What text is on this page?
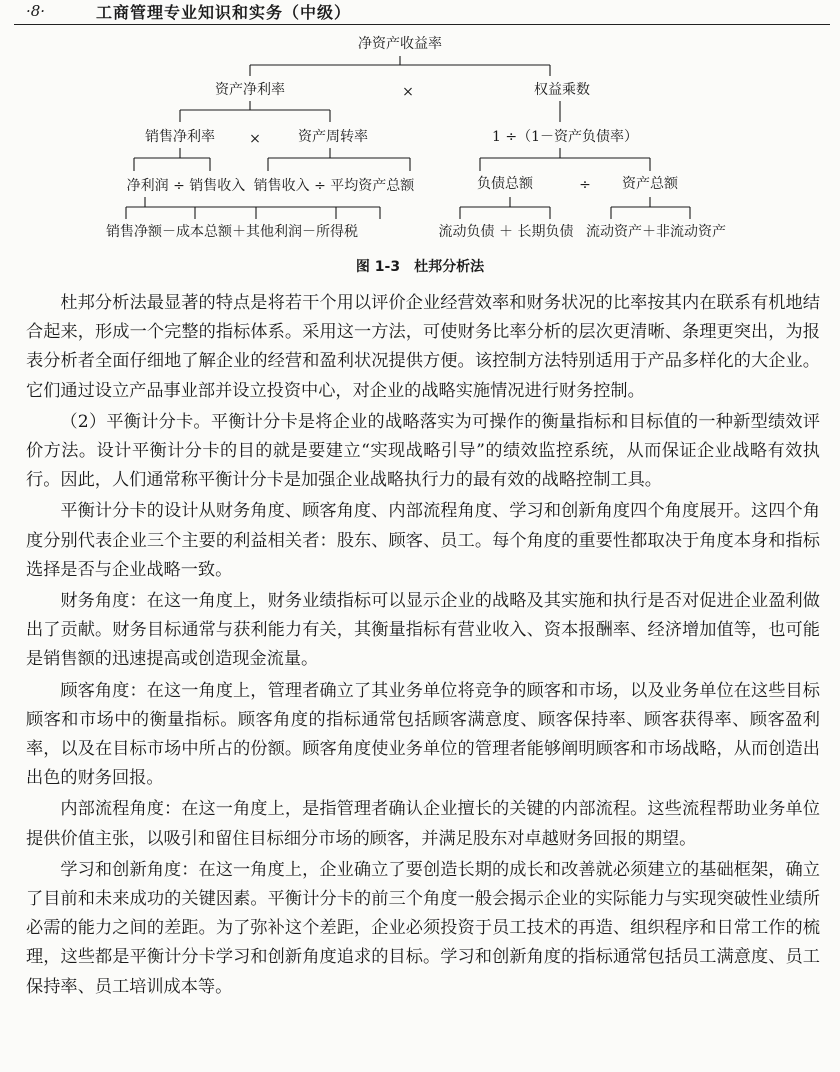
·8·	工商管理专业知识和实务（中级）
净资产收益率
资产净利率	×	权益乘数
销售净利率 ×	资产周转率	1 ÷（1－资产负债率）
净利润 ÷ 销售收入 销售收入 ÷ 平均资产总额	负债总额	÷ 资产总额
销售净额－成本总额＋其他利润－所得税	流动负债 ＋ 长期负债 流动资产＋非流动资产
图 1-3　杜邦分析法

杜邦分析法最显著的特点是将若干个用以评价企业经营效率和财务状况的比率按其内在联系有机地结合起来，形成一个完整的指标体系。采用这一方法，可使财务比率分析的层次更清晰、条理更突出，为报表分析者全面仔细地了解企业的经营和盈利状况提供方便。该控制方法特别适用于产品多样化的大企业。它们通过设立产品事业部并设立投资中心，对企业的战略实施情况进行财务控制。

（2）平衡计分卡。平衡计分卡是将企业的战略落实为可操作的衡量指标和目标值的一种新型绩效评价方法。设计平衡计分卡的目的就是要建立“实现战略引导”的绩效监控系统，从而保证企业战略有效执行。因此，人们通常称平衡计分卡是加强企业战略执行力的最有效的战略控制工具。

平衡计分卡的设计从财务角度、顾客角度、内部流程角度、学习和创新角度四个角度展开。这四个角度分别代表企业三个主要的利益相关者：股东、顾客、员工。每个角度的重要性都取决于角度本身和指标选择是否与企业战略一致。

财务角度：在这一角度上，财务业绩指标可以显示企业的战略及其实施和执行是否对促进企业盈利做出了贡献。财务目标通常与获利能力有关，其衡量指标有营业收入、资本报酬率、经济增加值等，也可能是销售额的迅速提高或创造现金流量。

顾客角度：在这一角度上，管理者确立了其业务单位将竞争的顾客和市场，以及业务单位在这些目标顾客和市场中的衡量指标。顾客角度的指标通常包括顾客满意度、顾客保持率、顾客获得率、顾客盈利率，以及在目标市场中所占的份额。顾客角度使业务单位的管理者能够阐明顾客和市场战略，从而创造出出色的财务回报。

内部流程角度：在这一角度上，是指管理者确认企业擅长的关键的内部流程。这些流程帮助业务单位提供价值主张，以吸引和留住目标细分市场的顾客，并满足股东对卓越财务回报的期望。

学习和创新角度：在这一角度上，企业确立了要创造长期的成长和改善就必须建立的基础框架，确立了目前和未来成功的关键因素。平衡计分卡的前三个角度一般会揭示企业的实际能力与实现突破性业绩所必需的能力之间的差距。为了弥补这个差距，企业必须投资于员工技术的再造、组织程序和日常工作的梳理，这些都是平衡计分卡学习和创新角度追求的目标。学习和创新角度的指标通常包括员工满意度、员工保持率、员工培训成本等。
